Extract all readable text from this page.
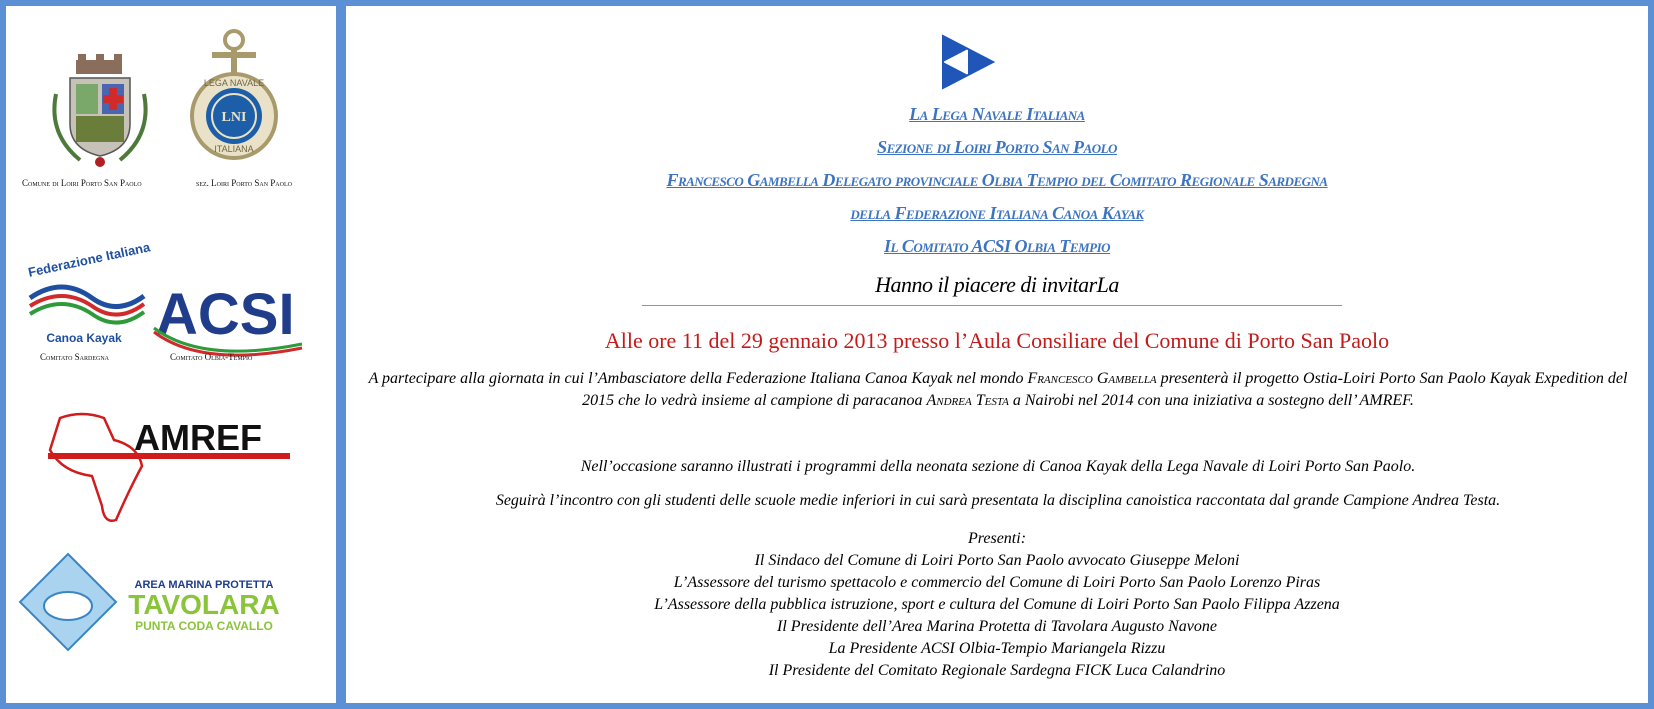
LNI
LEGA NAVALE
ITALIANA
Comune di Loiri Porto San Paolo	sez. Loiri Porto San Paolo
Federazione Italiana
Canoa Kayak ACSI
Comitato Sardegna	Comitato Olbia-Tempio
AMREF
AREA MARINA PROTETTA
TAVOLARA
PUNTA CODA CAVALLO
La Lega Navale Italiana
Sezione di Loiri Porto San Paolo
Francesco Gambella Delegato provinciale Olbia Tempio del Comitato Regionale Sardegna
della Federazione Italiana Canoa Kayak
Il Comitato ACSI Olbia Tempio
Hanno il piacere di invitarLa
Alle ore 11 del 29 gennaio 2013 presso l’Aula Consiliare del Comune di Porto San Paolo
A partecipare alla giornata in cui l’Ambasciatore della Federazione Italiana Canoa Kayak nel mondo Francesco Gambella presenterà il progetto Ostia-Loiri Porto San Paolo Kayak Expedition del 2015 che lo vedrà insieme al campione di paracanoa Andrea Testa a Nairobi nel 2014 con una iniziativa a sostegno dell’ AMREF.
Nell’occasione saranno illustrati i programmi della neonata sezione di Canoa Kayak della Lega Navale di Loiri Porto San Paolo.
Seguirà l’incontro con gli studenti delle scuole medie inferiori in cui sarà presentata la disciplina canoistica raccontata dal grande Campione Andrea Testa.
Presenti:
Il Sindaco del Comune di Loiri Porto San Paolo avvocato Giuseppe Meloni
L’Assessore del turismo spettacolo e commercio del Comune di Loiri Porto San Paolo Lorenzo Piras
L’Assessore della pubblica istruzione, sport e cultura del Comune di Loiri Porto San Paolo Filippa Azzena
Il Presidente dell’Area Marina Protetta di Tavolara Augusto Navone
La Presidente ACSI Olbia-Tempio Mariangela Rizzu
Il Presidente del Comitato Regionale Sardegna FICK Luca Calandrino
